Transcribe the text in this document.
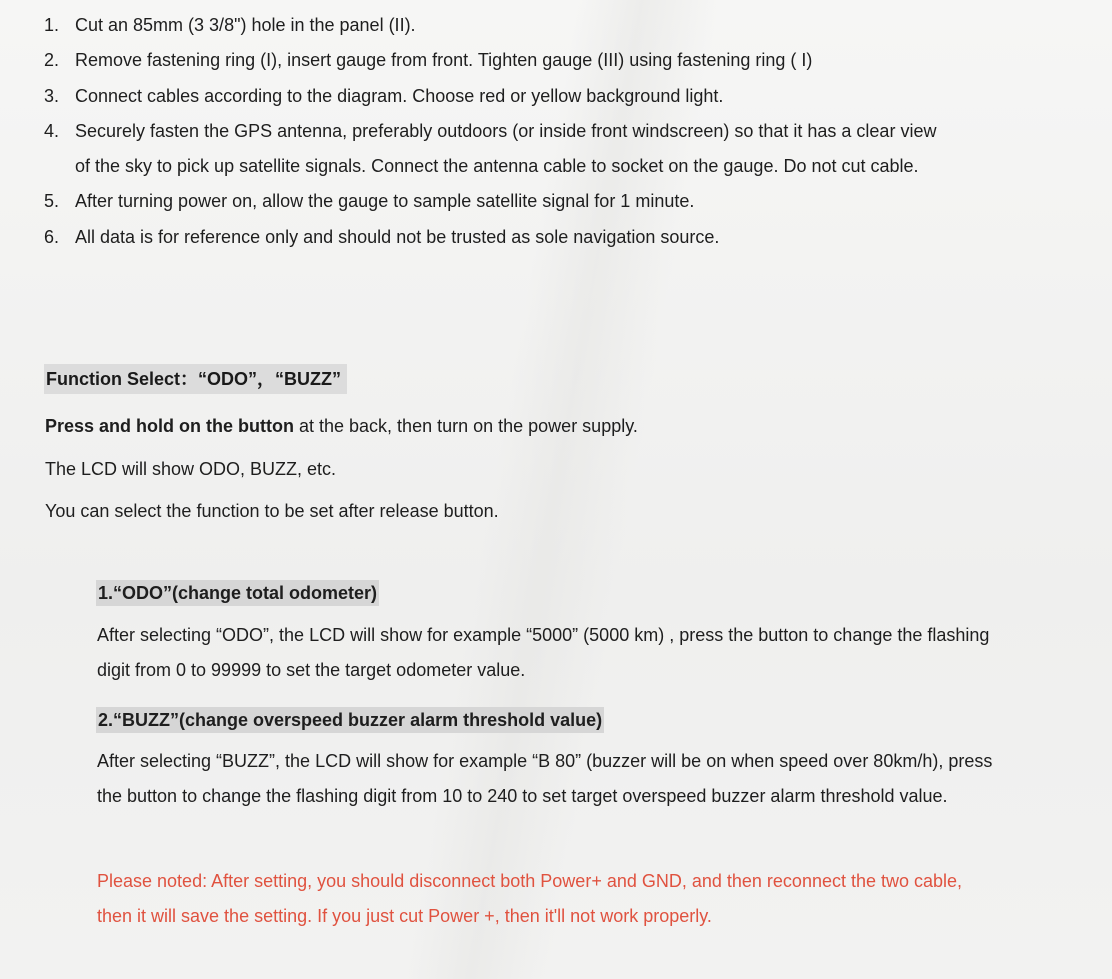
1. Cut an 85mm (3 3/8") hole in the panel (II).
2. Remove fastening ring (I), insert gauge from front. Tighten gauge (III) using fastening ring ( I)
3. Connect cables according to the diagram. Choose red or yellow background light.
4. Securely fasten the GPS antenna, preferably outdoors (or inside front windscreen) so that it has a clear view of the sky to pick up satellite signals. Connect the antenna cable to socket on the gauge. Do not cut cable.
5. After turning power on, allow the gauge to sample satellite signal for 1 minute.
6. All data is for reference only and should not be trusted as sole navigation source.
Function Select：“ODO”，“BUZZ”
Press and hold on the button at the back, then turn on the power supply.
The LCD will show ODO, BUZZ, etc.
You can select the function to be set after release button.
1.“ODO”(change total odometer)
After selecting “ODO”, the LCD will show for example “5000” (5000 km) , press the button to change the flashing digit from 0 to 99999 to set the target odometer value.
2.“BUZZ”(change overspeed buzzer alarm threshold value)
After selecting “BUZZ”, the LCD will show for example “B 80” (buzzer will be on when speed over 80km/h), press the button to change the flashing digit from 10 to 240 to set target overspeed buzzer alarm threshold value.
Please noted: After setting, you should disconnect both Power+ and GND, and then reconnect the two cable, then it will save the setting. If you just cut Power +, then it'll not work properly.
